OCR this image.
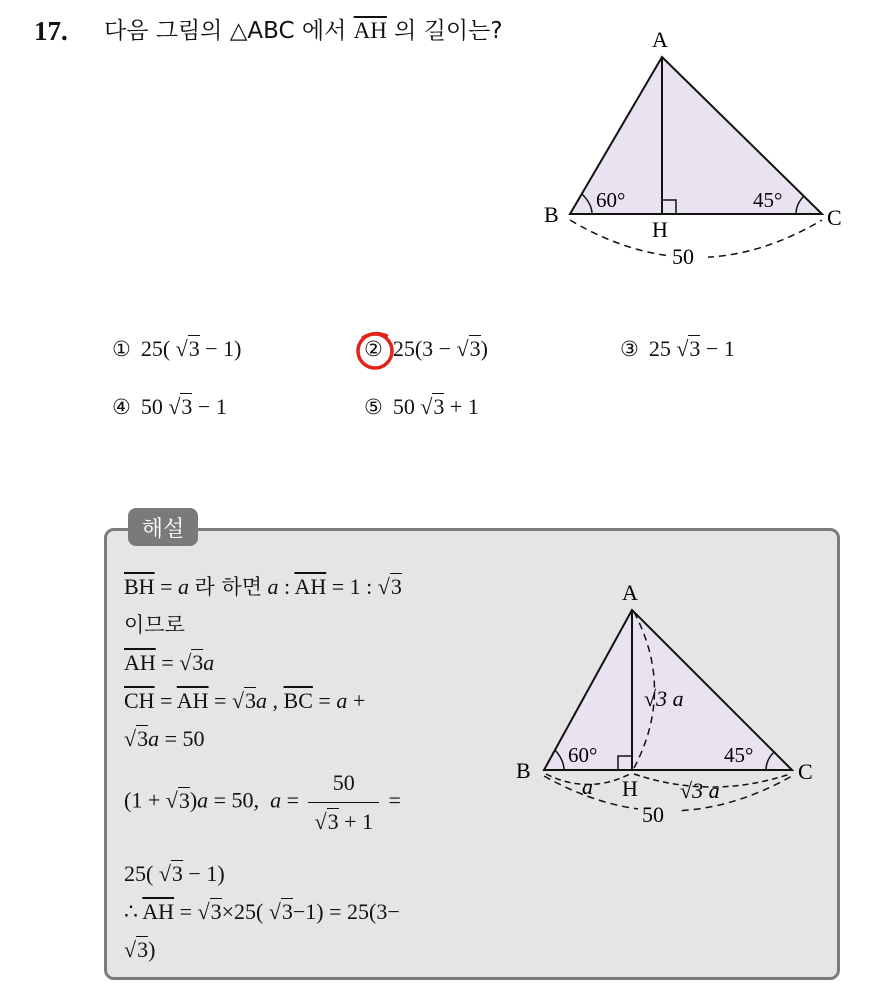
17. 다음 그림의 △ABC 에서 $\overline{AH}$ 의 길이는?	A
B	C
H
60°	45°
50
① 25( √3 − 1)	② 25(3 − √3)	③ 25 √3 − 1
④ 50 √3 − 1	⑤ 50 √3 + 1
해설
$\overline{BH} = a$ 라 하면 a : $\overline{AH} = 1$ : √3
이므로
$\overline{AH} = √3a$
$\overline{CH} = \overline{AH} = √3a$ , $\overline{BC} = a$ +
√3a = 50
(1 + √3)a = 50,  $a = \frac{50}{√3 + 1}$ =
25( √3 − 1)
∴ $\overline{AH} = √3\times 25$( √3−1) = 25(3−
√3)
A
B	C
H
60°	45°
√3 a
a	√3 a
50
